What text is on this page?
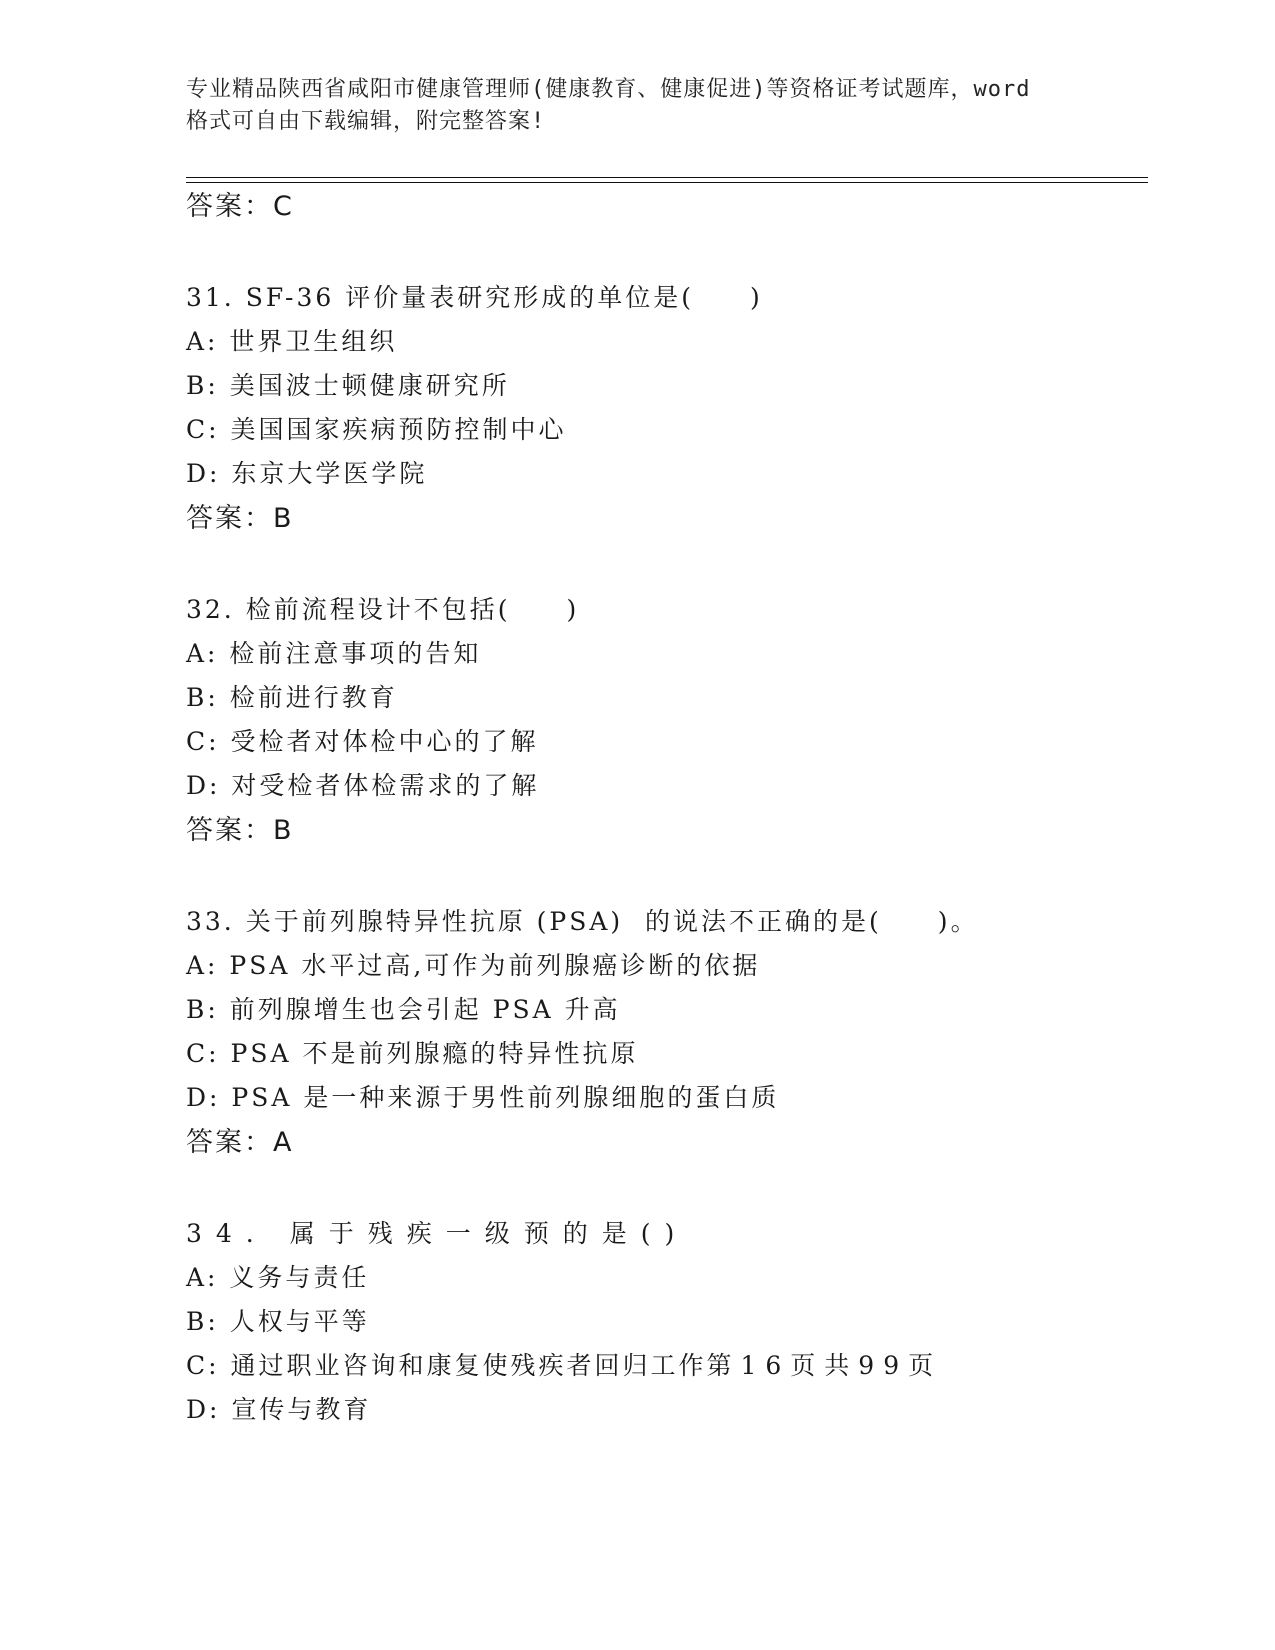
专业精品陕西省咸阳市健康管理师(健康教育、健康促进)等资格证考试题库，word
格式可自由下载编辑，附完整答案!
答案：C
31. SF-36 评价量表研究形成的单位是(　　)
A: 世界卫生组织
B: 美国波士顿健康研究所
C: 美国国家疾病预防控制中心
D: 东京大学医学院
答案：B
32. 检前流程设计不包括(　　)
A: 检前注意事项的告知
B: 检前进行教育
C: 受检者对体检中心的了解
D: 对受检者体检需求的了解
答案：B
33. 关于前列腺特异性抗原 (PSA)  的说法不正确的是(　　)。
A: PSA 水平过高,可作为前列腺癌诊断的依据
B: 前列腺增生也会引起 PSA 升高
C: PSA 不是前列腺瘾的特异性抗原
D: PSA 是一种来源于男性前列腺细胞的蛋白质
答案：A
34. 属于残疾一级预的是()
A: 义务与责任
B: 人权与平等
C: 通过职业咨询和康复使残疾者回归工作第16页共99页
D: 宣传与教育
